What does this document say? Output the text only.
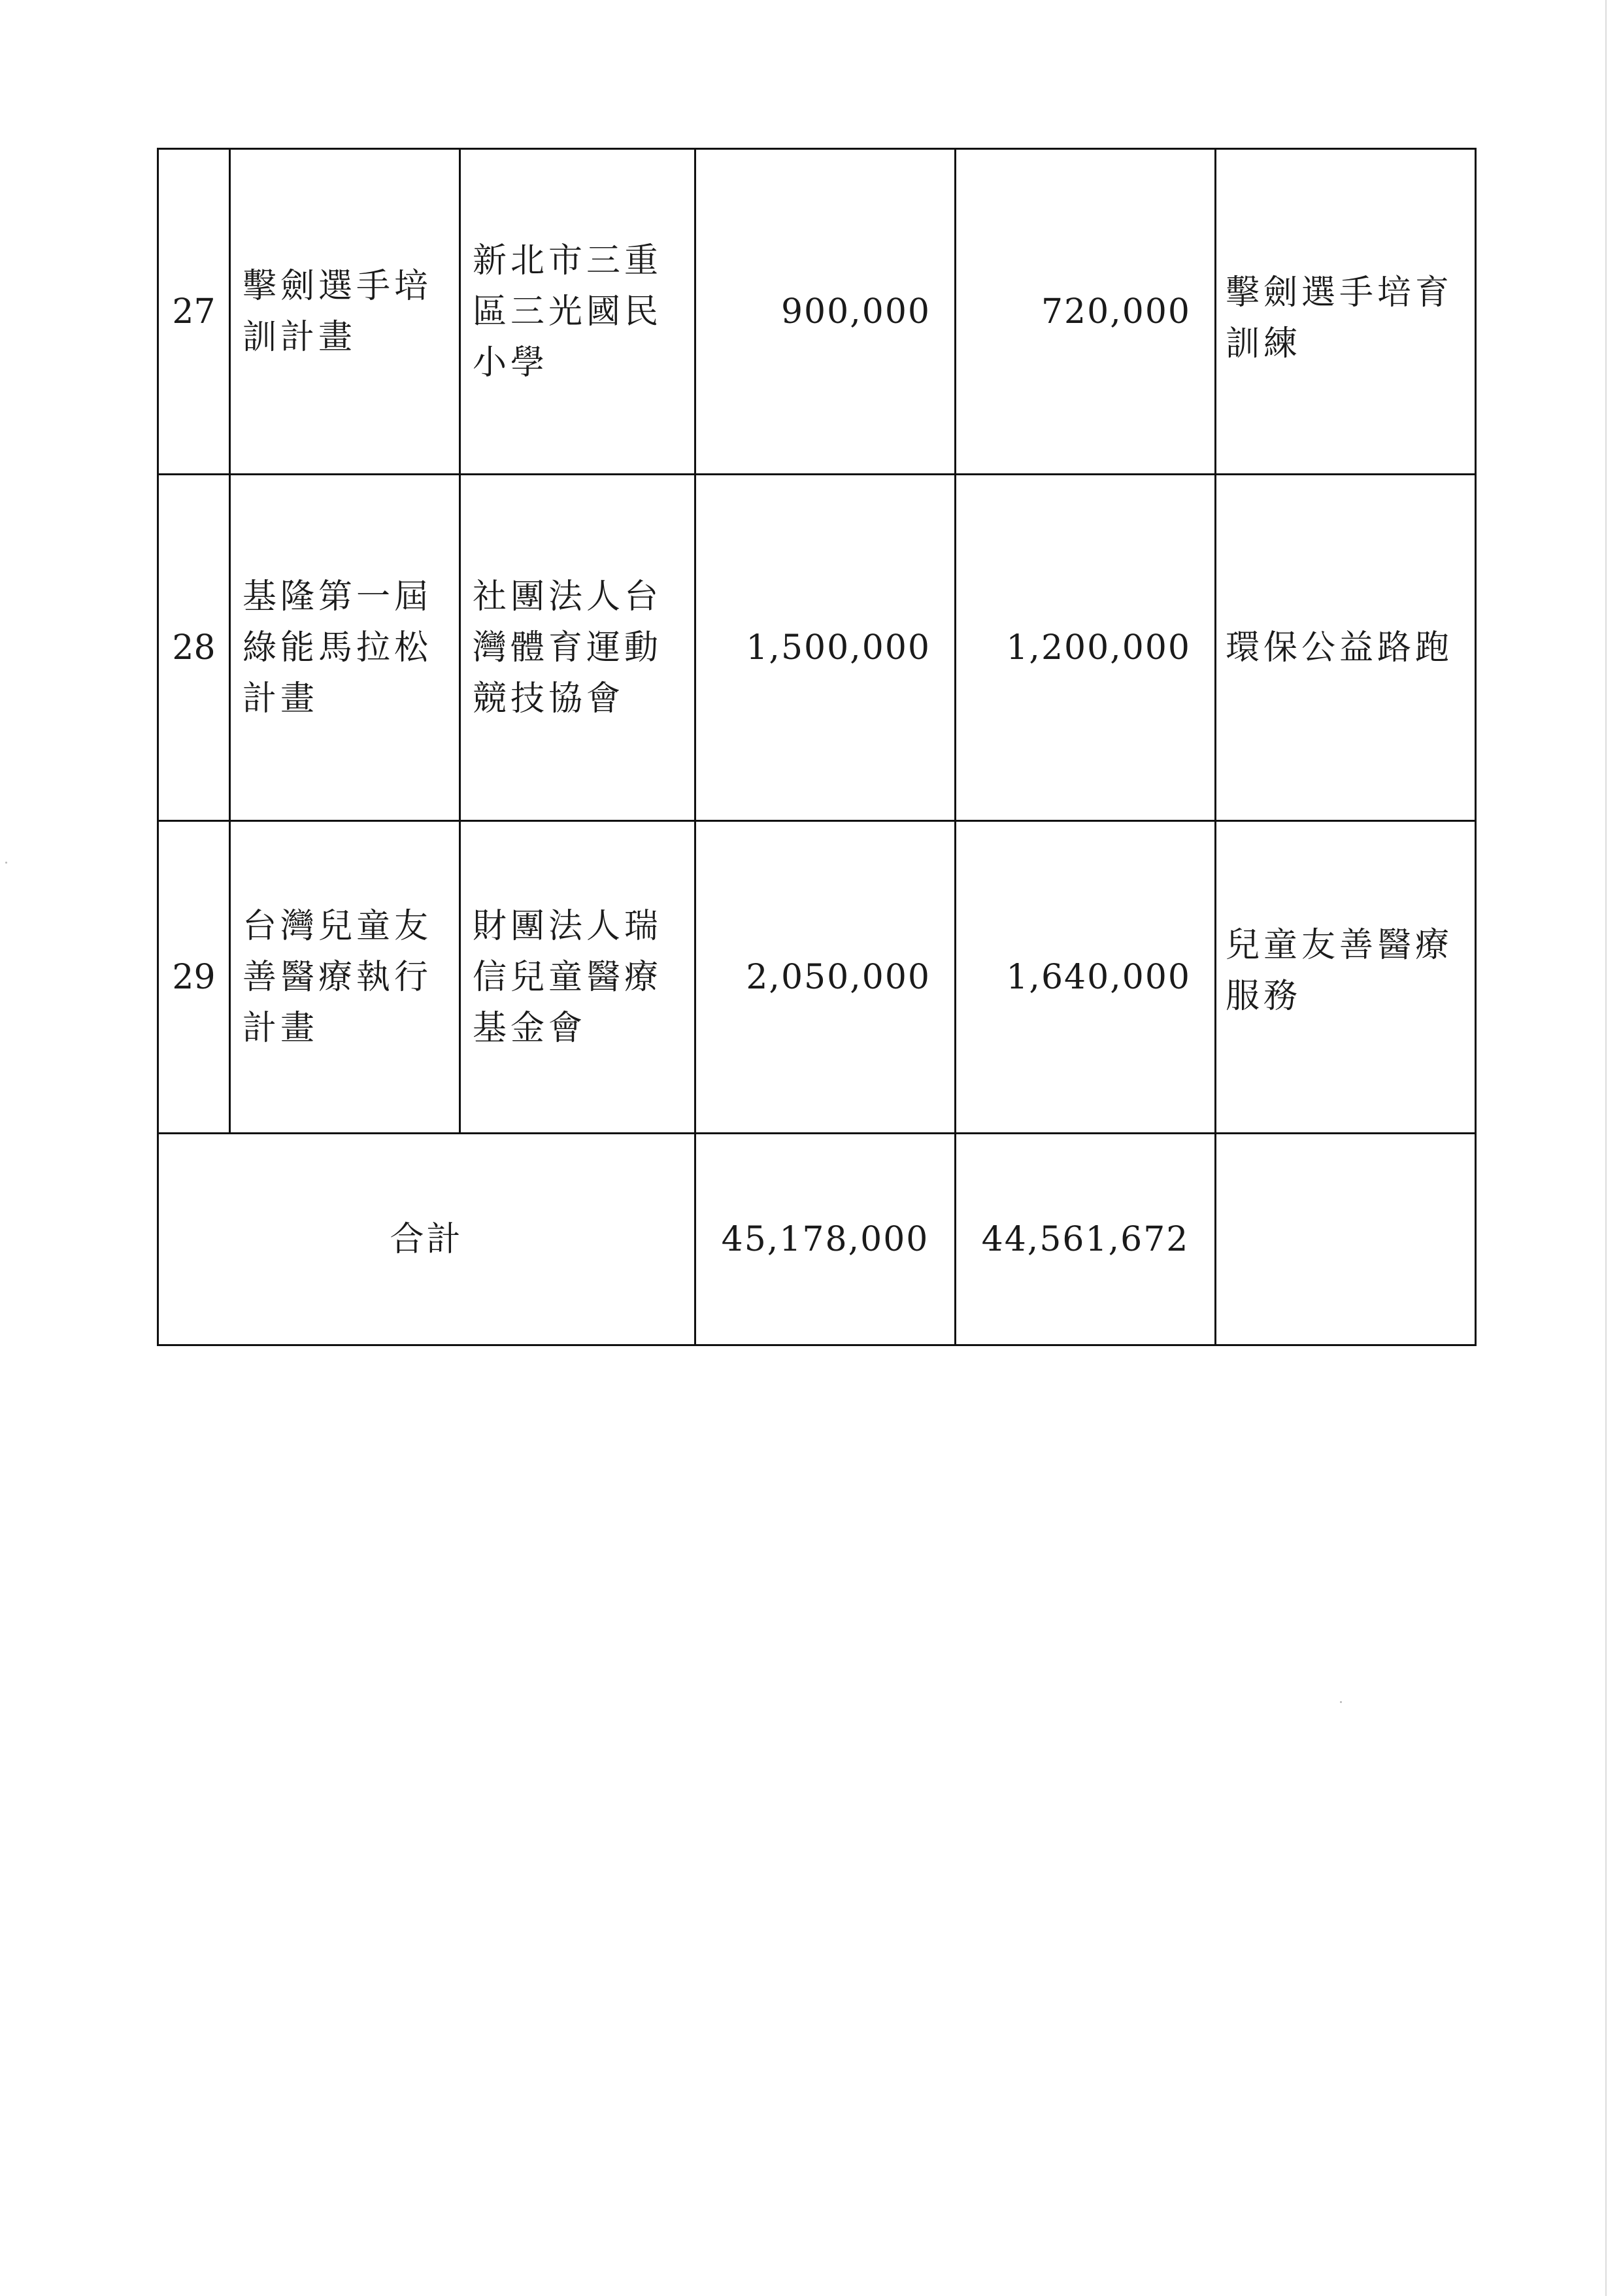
27	擊劍選手培
訓計畫	新北市三重
區三光國民
小學	900,000	720,000	擊劍選手培育
訓練

28	基隆第一屆
綠能馬拉松
計畫	社團法人台
灣體育運動
競技協會	1,500,000	1,200,000	環保公益路跑

29	台灣兒童友
善醫療執行
計畫	財團法人瑞
信兒童醫療
基金會	2,050,000	1,640,000	兒童友善醫療
服務

合計			45,178,000	44,561,672	
